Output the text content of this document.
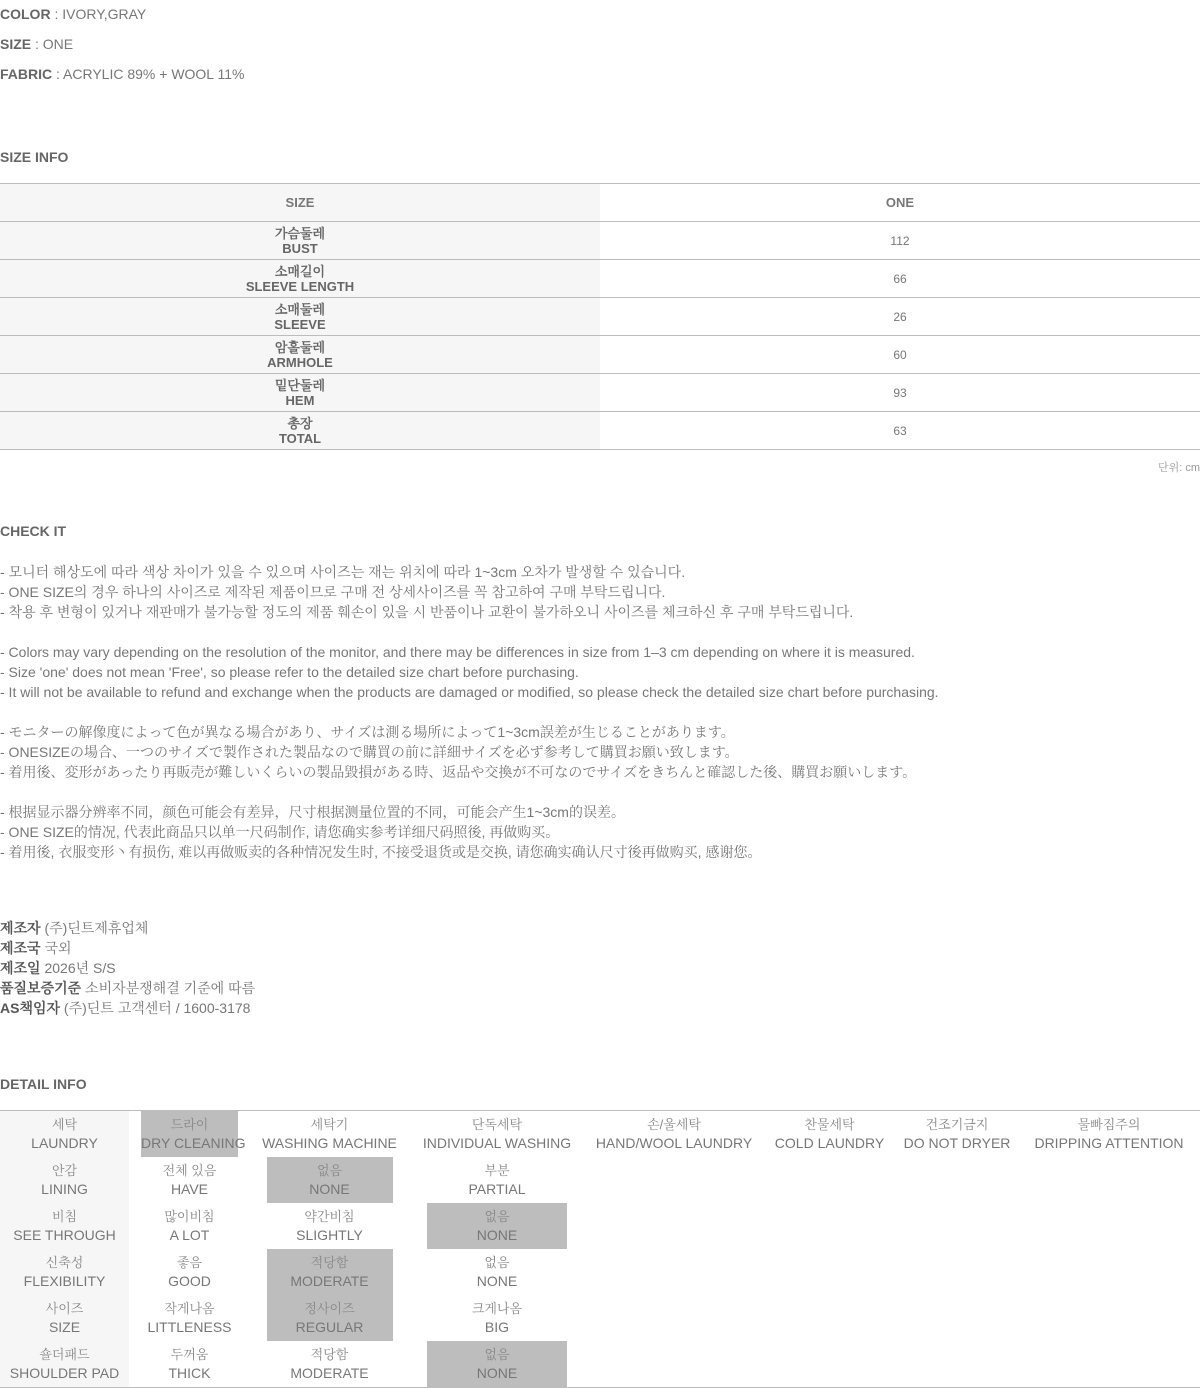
COLOR : IVORY,GRAY
SIZE : ONE
FABRIC : ACRYLIC 89% + WOOL 11%
SIZE INFO
SIZE	ONE

가슴둘레
BUST	112

소매길이
SLEEVE LENGTH	66

소매둘레
SLEEVE	26

암홀둘레
ARMHOLE	60

밑단둘레
HEM	93

총장
TOTAL	63
단위: cm
CHECK IT
- 모니터 해상도에 따라 색상 차이가 있을 수 있으며 사이즈는 재는 위치에 따라 1~3cm 오차가 발생할 수 있습니다.
- ONE SIZE의 경우 하나의 사이즈로 제작된 제품이므로 구매 전 상세사이즈를 꼭 참고하여 구매 부탁드립니다.
- 착용 후 변형이 있거나 재판매가 불가능할 정도의 제품 훼손이 있을 시 반품이나 교환이 불가하오니 사이즈를 체크하신 후 구매 부탁드립니다.
- Colors may vary depending on the resolution of the monitor, and there may be differences in size from 1–3 cm depending on where it is measured.
- Size 'one' does not mean 'Free', so please refer to the detailed size chart before purchasing.
- It will not be available to refund and exchange when the products are damaged or modified, so please check the detailed size chart before purchasing.
- モニターの解像度によって色が異なる場合があり、サイズは測る場所によって1~3cm誤差が生じることがあります。
- ONESIZEの場合、一つのサイズで製作された製品なので購買の前に詳細サイズを必ず参考して購買お願い致します。
- 着用後、変形があったり再販売が難しいくらいの製品毀損がある時、返品や交換が不可なのでサイズをきちんと確認した後、購買お願いします。
- 根据显示器分辨率不同，颜色可能会有差异，尺寸根据测量位置的不同，可能会产生1~3cm的误差。
- ONE SIZE的情况, 代表此商品只以单一尺码制作, 请您确实参考详细尺码照後, 再做购买。
- 着用後, 衣服变形丶有损伤, 难以再做贩卖的各种情况发生时, 不接受退货或是交换, 请您确实确认尺寸後再做购买, 感谢您。
제조자 (주)딘트제휴업체
제조국 국외
제조일 2026년 S/S
품질보증기준 소비자분쟁해결 기준에 따름
AS책임자 (주)딘트 고객센터 / 1600-3178
DETAIL INFO
세탁
LAUNDRY	드라이
DRY CLEANING	세탁기
WASHING MACHINE	단독세탁
INDIVIDUAL WASHING	손/울세탁
HAND/WOOL LAUNDRY	찬물세탁
COLD LAUNDRY	건조기금지
DO NOT DRYER	물빠짐주의
DRIPPING ATTENTION

안감
LINING	전체 있음
HAVE	없음
NONE	부분
PARTIAL				

비침
SEE THROUGH	많이비침
A LOT	약간비침
SLIGHTLY	없음
NONE				

신축성
FLEXIBILITY	좋음
GOOD	적당함
MODERATE	없음
NONE				

사이즈
SIZE	작게나옴
LITTLENESS	정사이즈
REGULAR	크게나옴
BIG				

숄더패드
SHOULDER PAD	두꺼움
THICK	적당함
MODERATE	없음
NONE				
